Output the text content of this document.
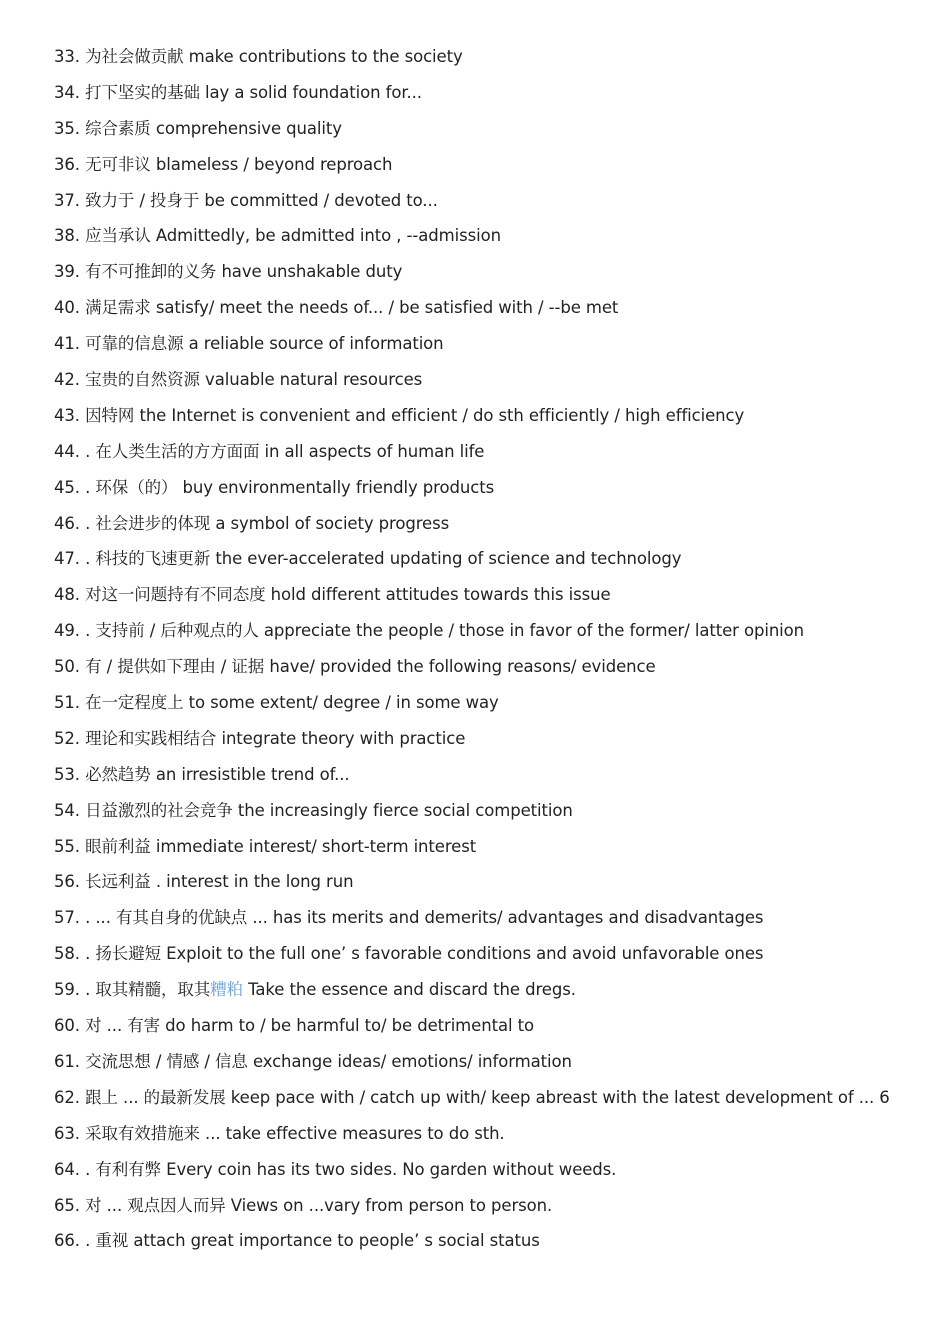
33. 为社会做贡献 make contributions to the society
34. 打下坚实的基础 lay a solid foundation for...
35. 综合素质 comprehensive quality
36. 无可非议 blameless / beyond reproach
37. 致力于 / 投身于 be committed / devoted to...
38. 应当承认 Admittedly, be admitted into , --admission
39. 有不可推卸的义务 have unshakable duty
40. 满足需求 satisfy/ meet the needs of... / be satisfied with / --be met
41. 可靠的信息源 a reliable source of information
42. 宝贵的自然资源 valuable natural resources
43. 因特网 the Internet is convenient and efficient / do sth efficiently / high efficiency
44. . 在人类生活的方方面面 in all aspects of human life
45. . 环保（的） buy environmentally friendly products
46. . 社会进步的体现 a symbol of society progress
47. . 科技的飞速更新 the ever-accelerated updating of science and technology
48. 对这一问题持有不同态度 hold different attitudes towards this issue
49. . 支持前 / 后种观点的人 appreciate the people / those in favor of the former/ latter opinion
50. 有 / 提供如下理由 / 证据 have/ provided the following reasons/ evidence
51. 在一定程度上 to some extent/ degree / in some way
52. 理论和实践相结合 integrate theory with practice
53. 必然趋势 an irresistible trend of...
54. 日益激烈的社会竞争 the increasingly fierce social competition
55. 眼前利益 immediate interest/ short-term interest
56. 长远利益 . interest in the long run
57. . ... 有其自身的优缺点 ... has its merits and demerits/ advantages and disadvantages
58. . 扬长避短 Exploit to the full one’ s favorable conditions and avoid unfavorable ones
59. . 取其精髓，取其糟粕 Take the essence and discard the dregs.
60. 对 ... 有害 do harm to / be harmful to/ be detrimental to
61. 交流思想 / 情感 / 信息 exchange ideas/ emotions/ information
62. 跟上 ... 的最新发展 keep pace with / catch up with/ keep abreast with the latest development of ... 6
63. 采取有效措施来 ... take effective measures to do sth.
64. . 有利有弊 Every coin has its two sides. No garden without weeds.
65. 对 ... 观点因人而异 Views on ...vary from person to person.
66. . 重视 attach great importance to people’ s social status
